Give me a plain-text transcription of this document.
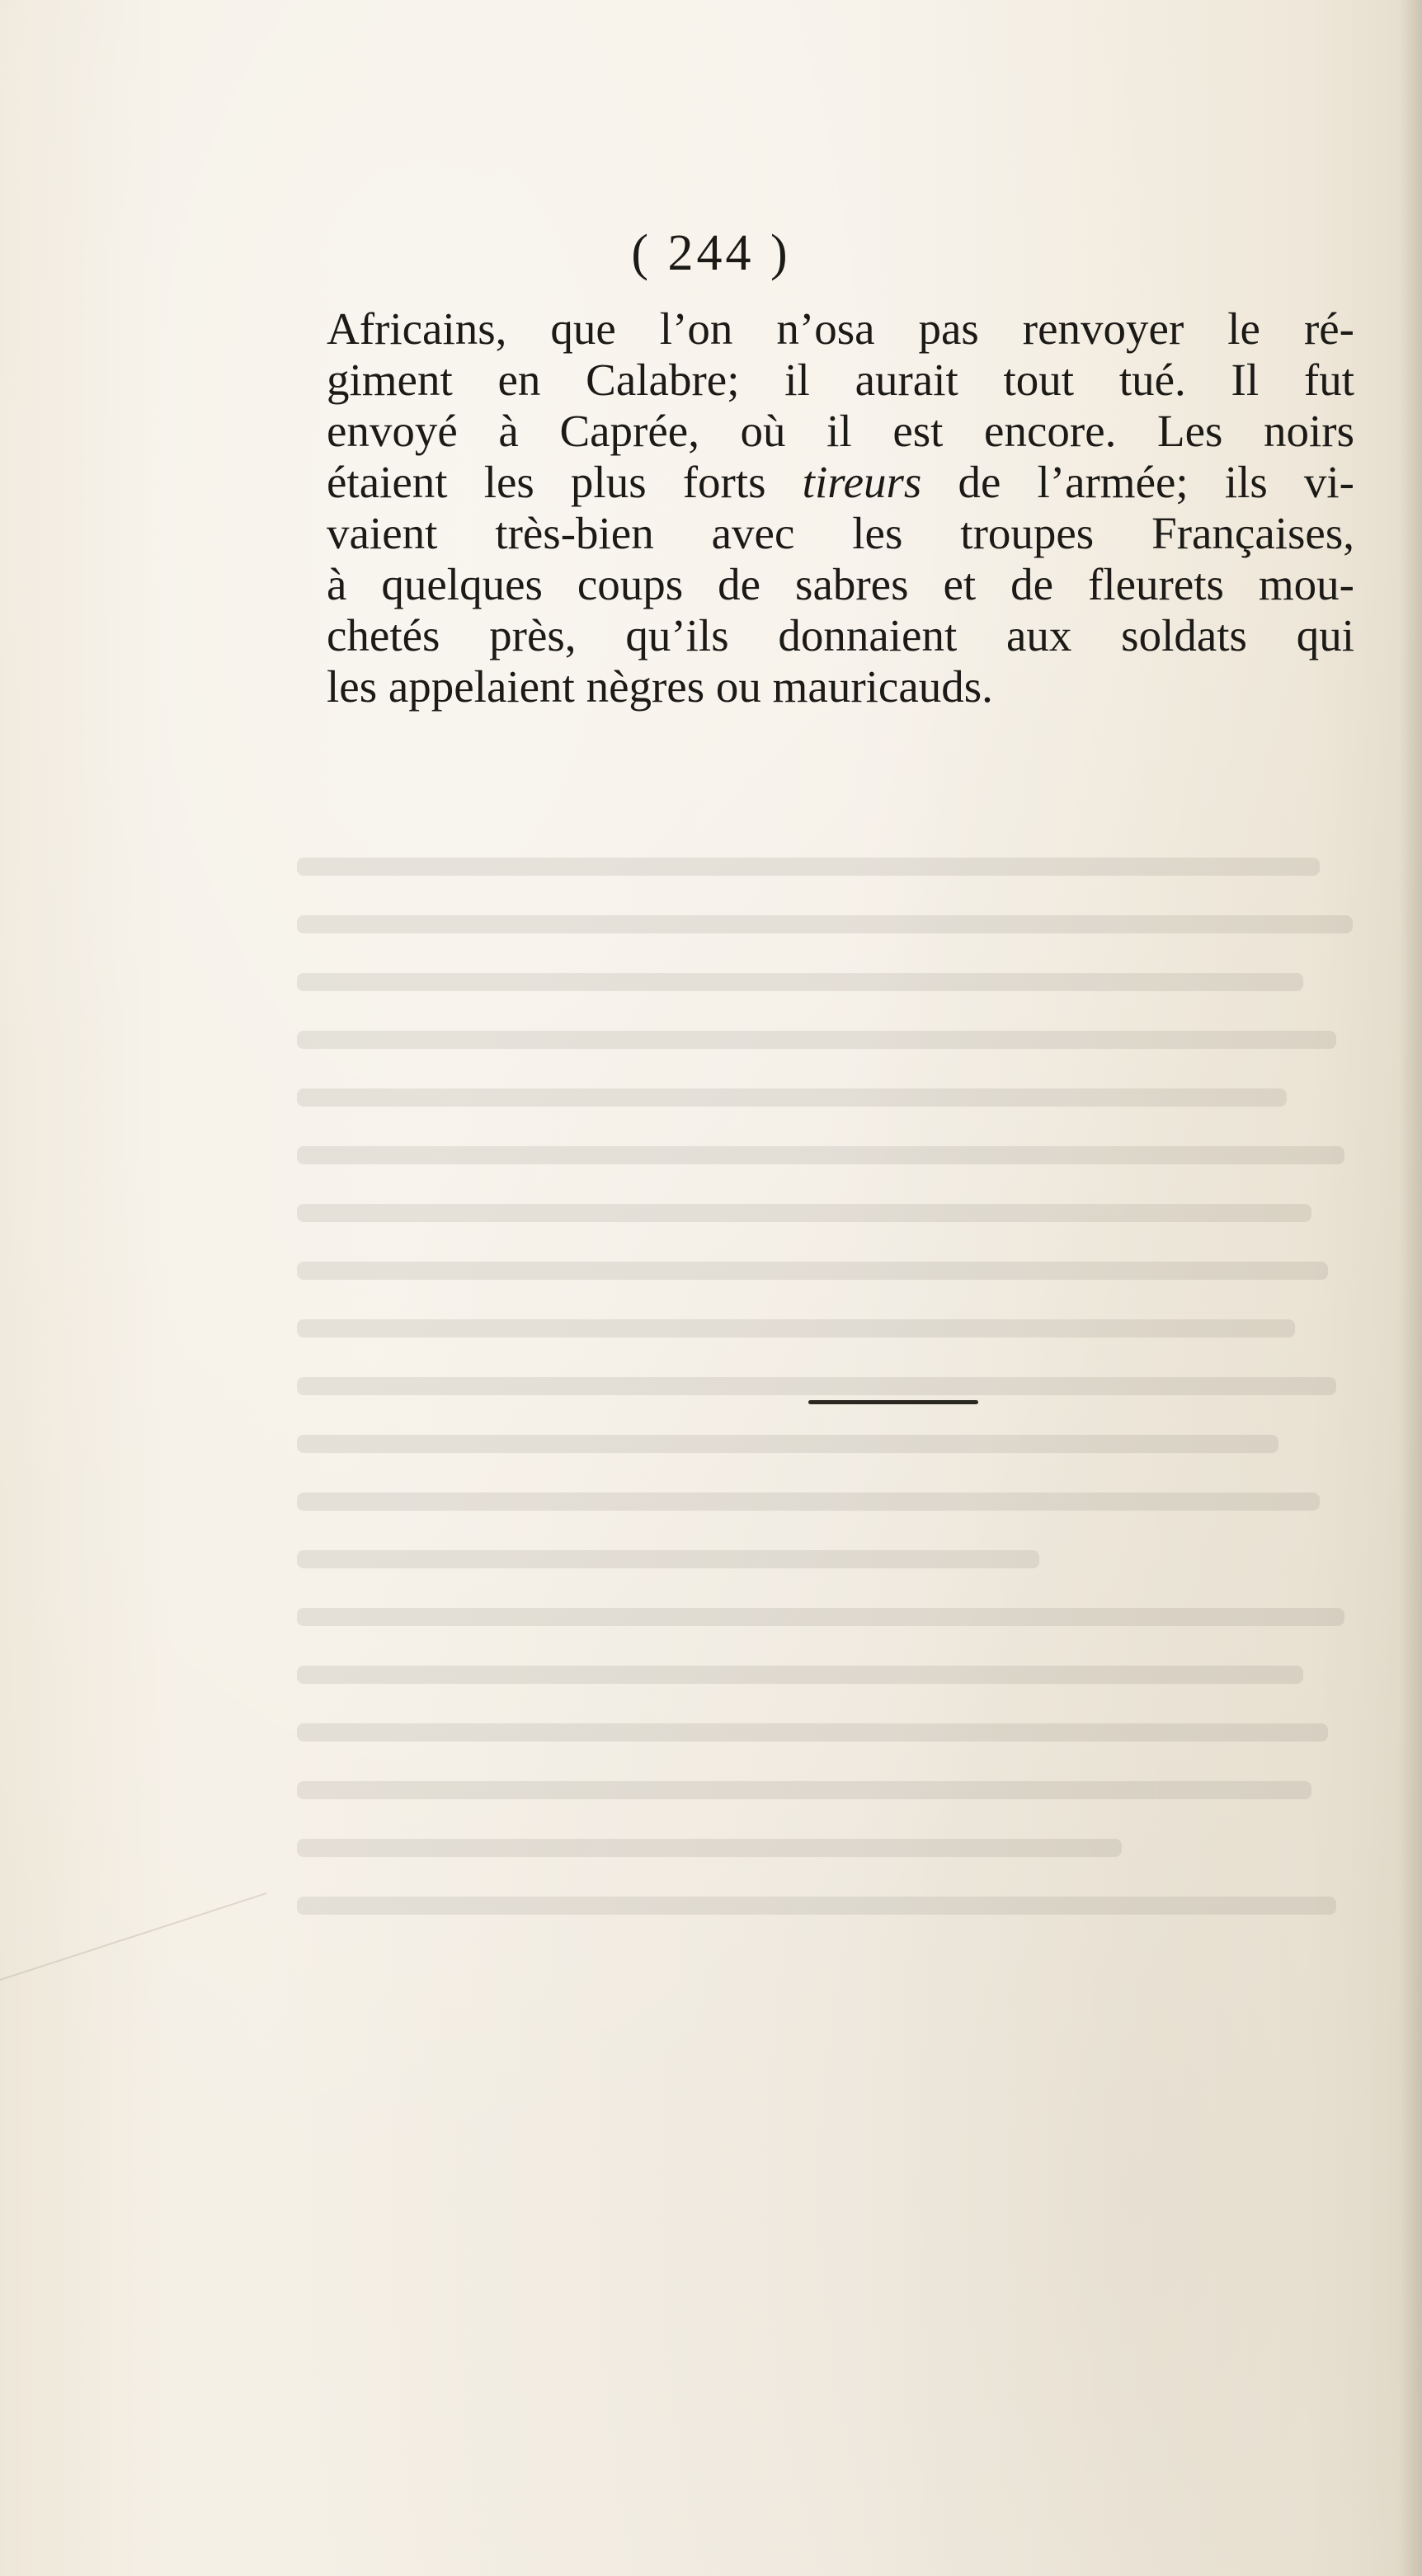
( 244 )
Africains, que l’on n’osa pas renvoyer le ré-
giment en Calabre; il aurait tout tué. Il fut
envoyé à Caprée, où il est encore. Les noirs
étaient les plus forts tireurs de l’armée; ils vi-
vaient très-bien avec les troupes Françaises,
à quelques coups de sabres et de fleurets mou-
chetés près, qu’ils donnaient aux soldats qui
les appelaient nègres ou mauricauds.
